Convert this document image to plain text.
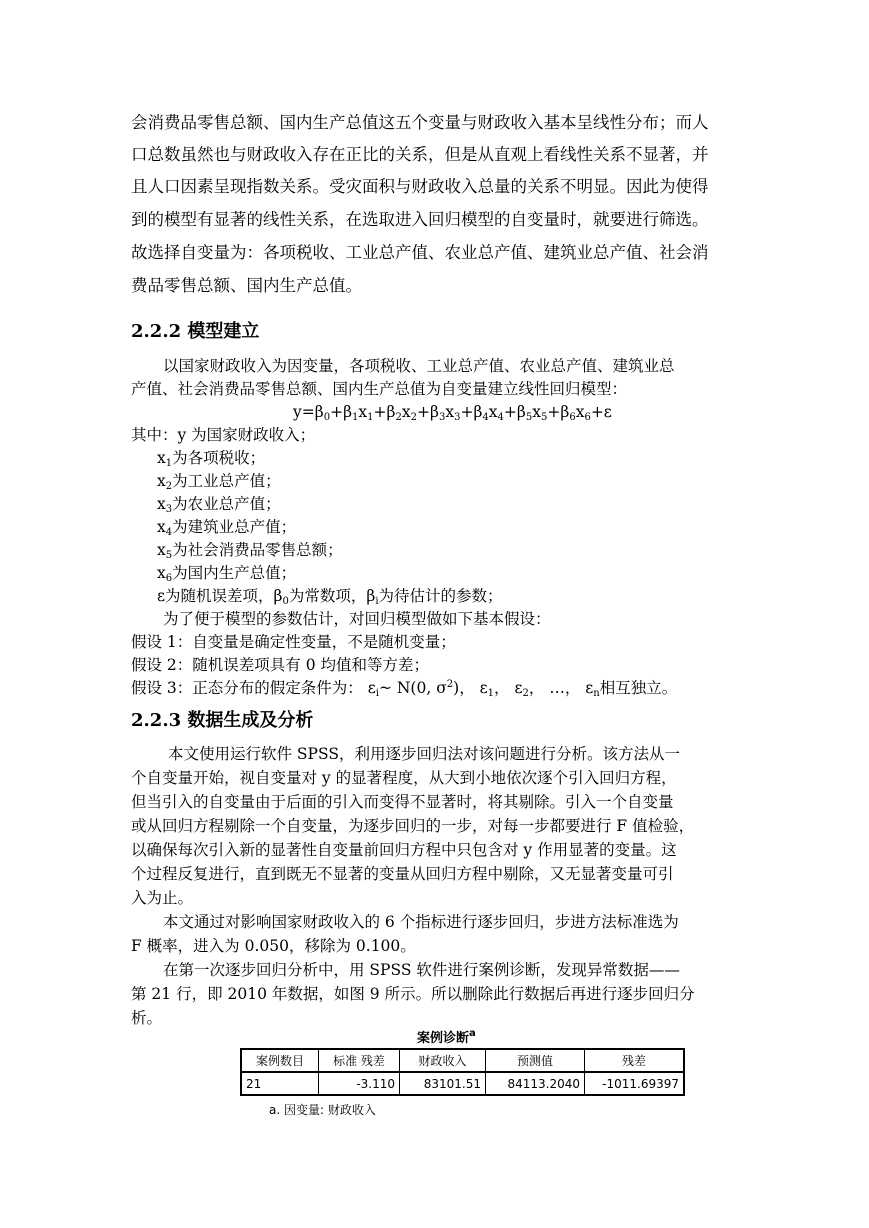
会消费品零售总额、国内生产总值这五个变量与财政收入基本呈线性分布；而人
口总数虽然也与财政收入存在正比的关系，但是从直观上看线性关系不显著，并
且人口因素呈现指数关系。受灾面积与财政收入总量的关系不明显。因此为使得
到的模型有显著的线性关系，在选取进入回归模型的自变量时，就要进行筛选。
故选择自变量为：各项税收、工业总产值、农业总产值、建筑业总产值、社会消
费品零售总额、国内生产总值。
2.2.2 模型建立
以国家财政收入为因变量，各项税收、工业总产值、农业总产值、建筑业总
产值、社会消费品零售总额、国内生产总值为自变量建立线性回归模型：
$y=\beta_0+\beta_1x_1+\beta_2x_2+\beta_3x_3+\beta_4x_4+\beta_5x_5+\beta_6x_6+\varepsilon$
其中：y 为国家财政收入；
$x_1$为各项税收；
$x_2$为工业总产值；
$x_3$为农业总产值；
$x_4$为建筑业总产值；
$x_5$为社会消费品零售总额；
$x_6$为国内生产总值；
ε为随机误差项，$\beta_0$为常数项，$\beta_i$为待估计的参数；
为了便于模型的参数估计，对回归模型做如下基本假设：
假设 1：自变量是确定性变量，不是随机变量；
假设 2：随机误差项具有 0 均值和等方差；
假设 3：正态分布的假定条件为： $\varepsilon_i\sim$ N(0, $\sigma^2$)， $\varepsilon_1$， $\varepsilon_2$， …， $\varepsilon_n$相互独立。
2.2.3 数据生成及分析
本文使用运行软件 SPSS，利用逐步回归法对该问题进行分析。该方法从一
个自变量开始，视自变量对 y 的显著程度，从大到小地依次逐个引入回归方程，
但当引入的自变量由于后面的引入而变得不显著时，将其剔除。引入一个自变量
或从回归方程剔除一个自变量，为逐步回归的一步，对每一步都要进行 F 值检验，
以确保每次引入新的显著性自变量前回归方程中只包含对 y 作用显著的变量。这
个过程反复进行，直到既无不显著的变量从回归方程中剔除，又无显著变量可引
入为止。
本文通过对影响国家财政收入的 6 个指标进行逐步回归，步进方法标准选为
F 概率，进入为 0.050，移除为 0.100。
在第一次逐步回归分析中，用 SPSS 软件进行案例诊断，发现异常数据——
第 21 行，即 2010 年数据，如图 9 所示。所以删除此行数据后再进行逐步回归分
析。
案例诊断$^a$
案例数目	标准 残差	财政收入	预测值	残差
21	-3.110	83101.51	84113.2040	-1011.69397
a. 因变量: 财政收入
